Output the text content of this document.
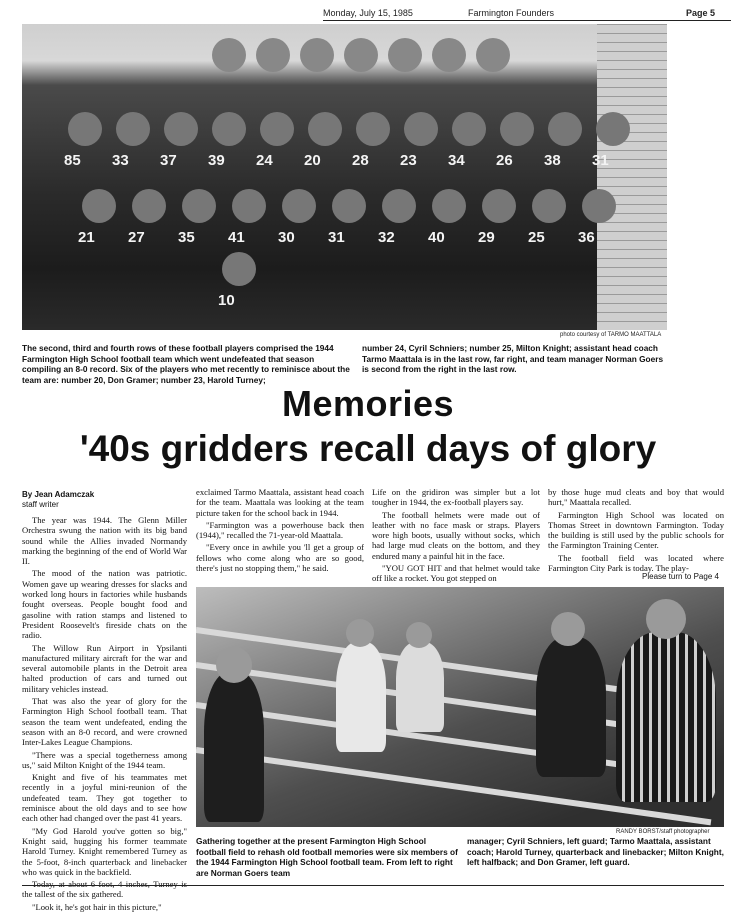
Monday, July 15, 1985	Farmington Founders	Page 5
85 33 37 39 24 20 28 23 34 26 38 31
21 27 35 41 30 31 32 40 29 25 36
10
photo courtesy of TARMO MAATTALA
The second, third and fourth rows of these football players comprised the 1944 Farmington High School football team which went undefeated that season compiling an 8-0 record. Six of the players who met recently to reminisce about the team are: number 20, Don Gramer; number 23, Harold Turney;
number 24, Cyril Schniers; number 25, Milton Knight; assistant head coach Tarmo Maattala is in the last row, far right, and team manager Norman Goers is second from the right in the last row.
Memories
'40s gridders recall days of glory
By Jean Adamczak
staff writer

The year was 1944. The Glenn Miller Orchestra swung the nation with its big band sound while the Allies invaded Normandy marking the beginning of the end of World War II.

The mood of the nation was patriotic. Women gave up wearing dresses for slacks and worked long hours in factories while husbands fought overseas. People bought food and gasoline with ration stamps and listened to President Roosevelt's fireside chats on the radio.

The Willow Run Airport in Ypsilanti manufactured military aircraft for the war and several automobile plants in the Detroit area halted production of cars and turned out military vehicles instead.

That was also the year of glory for the Farmington High School football team. That season the team went undefeated, ending the season with an 8-0 record, and were crowned Inter-Lakes League Champions.

"There was a special togetherness among us," said Milton Knight of the 1944 team.

Knight and five of his teammates met recently in a joyful mini-reunion of the undefeated team. They got together to reminisce about the old days and to see how each other had changed over the past 41 years.

"My God Harold you've gotten so big," Knight said, hugging his former teammate Harold Turney. Knight remembered Turney as the 5-foot, 8-inch quarterback and linebacker who was quick in the backfield.

the tallest of the six gathered.

"Look it, he's got hair in this picture,"

exclaimed Tarmo Maattala, assistant head coach for the team. Maattala was looking at the team picture taken for the school back in 1944.

"Farmington was a powerhouse back then (1944)," recalled the 71-year-old Maattala.

"Every once in awhile you 'll get a group of fellows who come along who are so good, there's just no stopping them," he said.

Life on the gridiron was simpler but a lot tougher in 1944, the ex-football players say.

The football helmets were made out of leather with no face mask or straps. Players wore high boots, usually without socks, which had large mud cleats on the bottom, and they endured many a painful hit in the face.

"YOU GOT HIT and that helmet would take off like a rocket. You got stepped on

by those huge mud cleats and boy that would hurt," Maattala recalled.

Farmington High School was located on Thomas Street in downtown Farmington. Today the building is still used by the public schools for the Farmington Training Center.

The football field was located where Farmington City Park is today. The play-

Please turn to Page 4
RANDY BORST/staff photographer
Gathering together at the present Farmington High School football field to rehash old football memories were six members of the 1944 Farmington High School football team. From left to right are Norman Goers team
manager; Cyril Schniers, left guard; Tarmo Maattala, assistant coach; Harold Turney, quarterback and linebacker; Milton Knight, left halfback; and Don Gramer, left guard.
